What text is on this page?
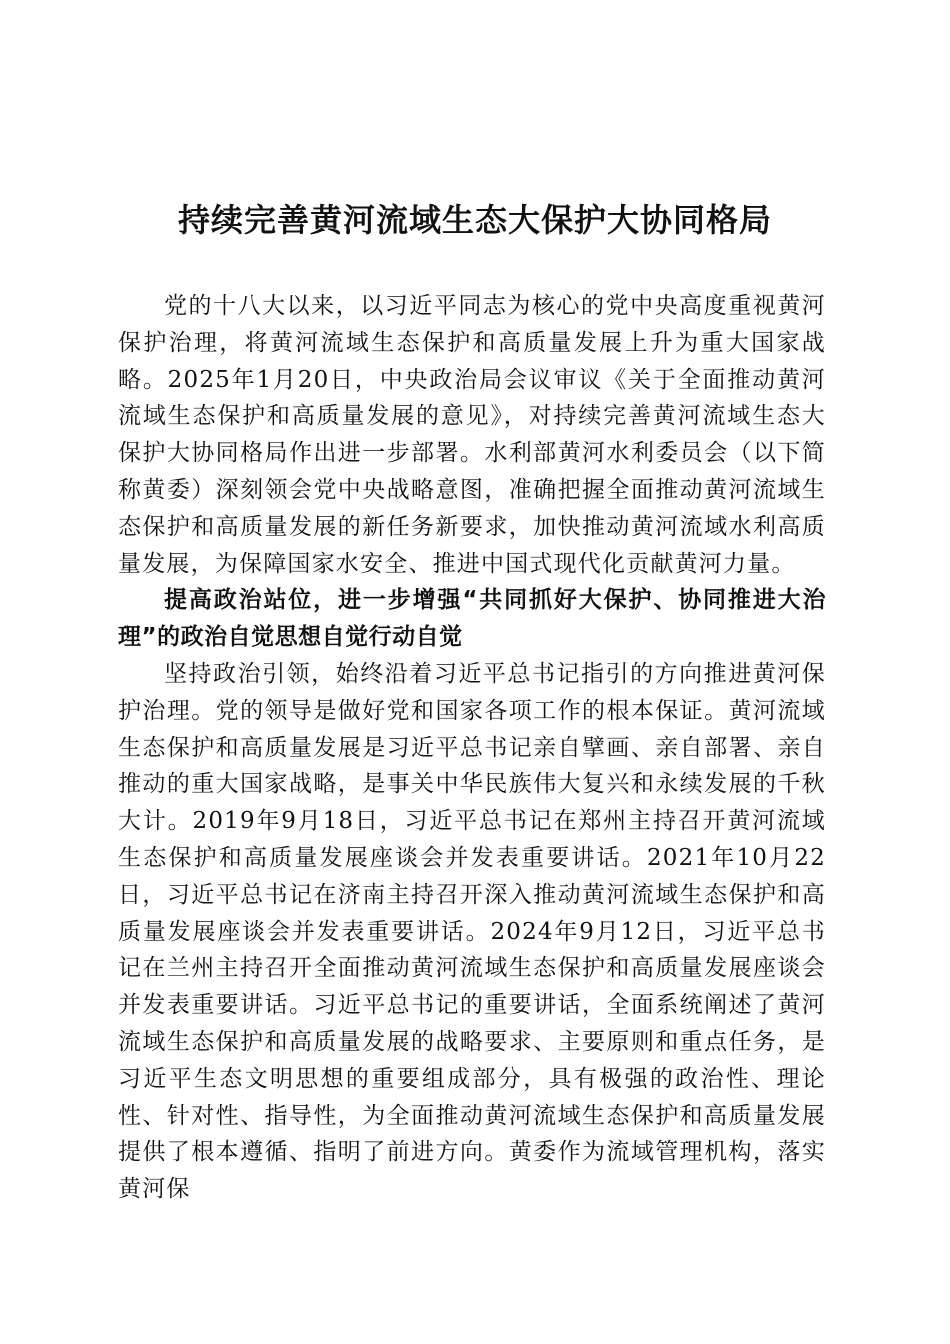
持续完善黄河流域生态大保护大协同格局

党的十八大以来，以习近平同志为核心的党中央高度重视黄河保护治理，将黄河流域生态保护和高质量发展上升为重大国家战略。2025年1月20日，中央政治局会议审议《关于全面推动黄河流域生态保护和高质量发展的意见》，对持续完善黄河流域生态大保护大协同格局作出进一步部署。水利部黄河水利委员会（以下简称黄委）深刻领会党中央战略意图，准确把握全面推动黄河流域生态保护和高质量发展的新任务新要求，加快推动黄河流域水利高质量发展，为保障国家水安全、推进中国式现代化贡献黄河力量。

提高政治站位，进一步增强“共同抓好大保护、协同推进大治理”的政治自觉思想自觉行动自觉

坚持政治引领，始终沿着习近平总书记指引的方向推进黄河保护治理。党的领导是做好党和国家各项工作的根本保证。黄河流域生态保护和高质量发展是习近平总书记亲自擘画、亲自部署、亲自推动的重大国家战略，是事关中华民族伟大复兴和永续发展的千秋大计。2019年9月18日，习近平总书记在郑州主持召开黄河流域生态保护和高质量发展座谈会并发表重要讲话。2021年10月22日，习近平总书记在济南主持召开深入推动黄河流域生态保护和高质量发展座谈会并发表重要讲话。2024年9月12日，习近平总书记在兰州主持召开全面推动黄河流域生态保护和高质量发展座谈会并发表重要讲话。习近平总书记的重要讲话，全面系统阐述了黄河流域生态保护和高质量发展的战略要求、主要原则和重点任务，是习近平生态文明思想的重要组成部分，具有极强的政治性、理论性、针对性、指导性，为全面推动黄河流域生态保护和高质量发展提供了根本遵循、指明了前进方向。黄委作为流域管理机构，落实黄河保
